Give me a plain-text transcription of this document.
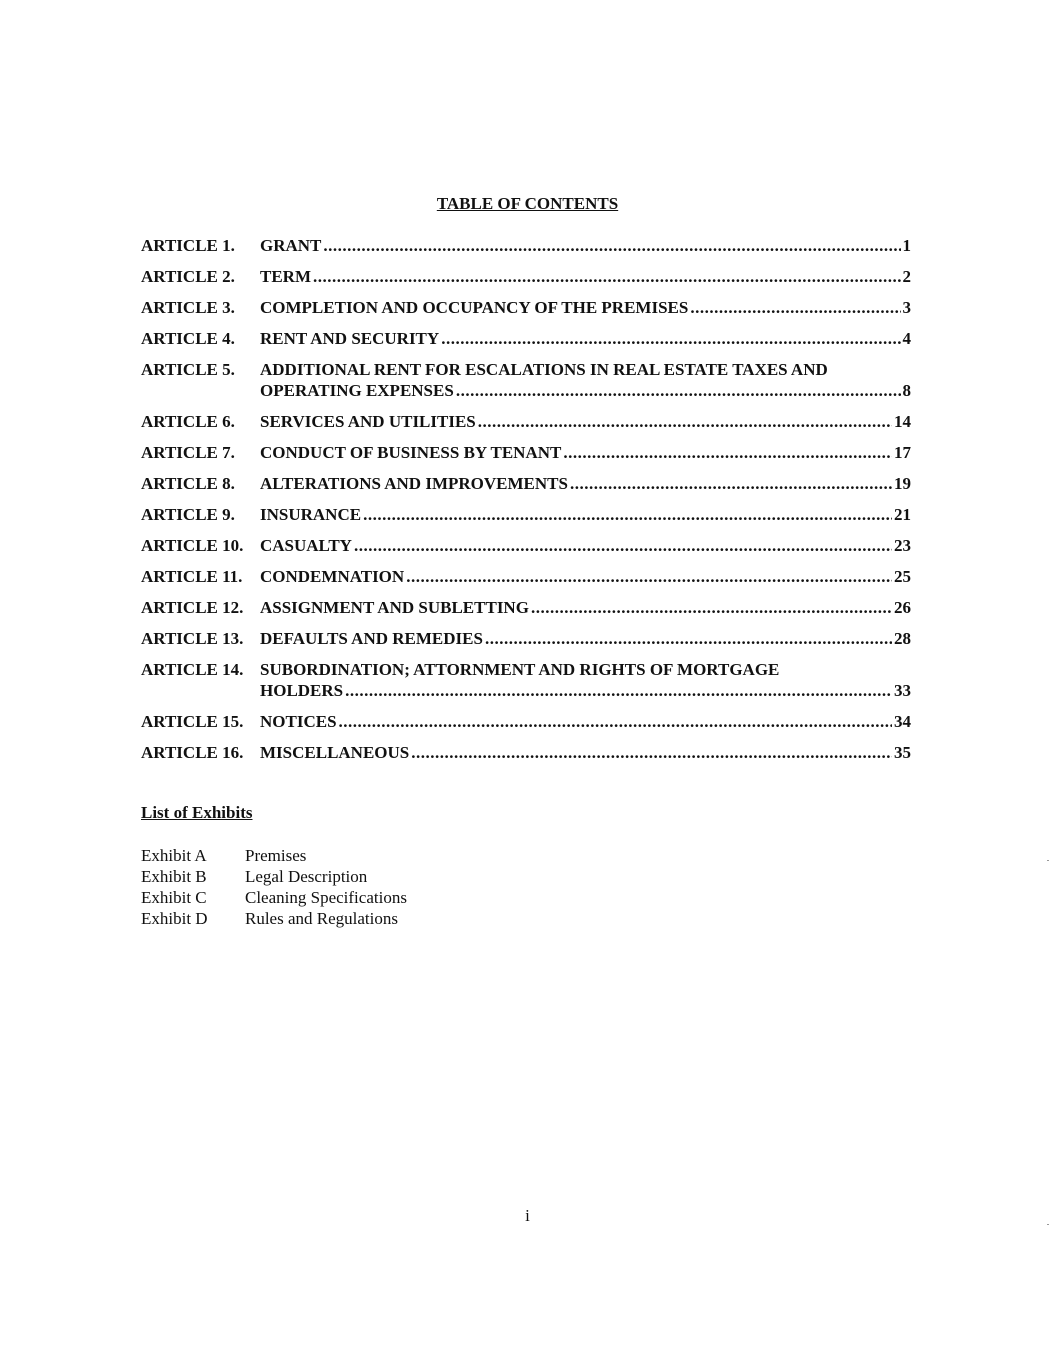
TABLE OF CONTENTS
ARTICLE 1.	GRANT .....	1
ARTICLE 2.	TERM .....	2
ARTICLE 3.	COMPLETION AND OCCUPANCY OF THE PREMISES .....	3
ARTICLE 4.	RENT AND SECURITY .....	4
ARTICLE 5.	ADDITIONAL RENT FOR ESCALATIONS IN REAL ESTATE TAXES AND
OPERATING EXPENSES .....	8
ARTICLE 6.	SERVICES AND UTILITIES .....	14
ARTICLE 7.	CONDUCT OF BUSINESS BY TENANT .....	17
ARTICLE 8.	ALTERATIONS AND IMPROVEMENTS .....	19
ARTICLE 9.	INSURANCE .....	21
ARTICLE 10. CASUALTY .....	23
ARTICLE 11.	CONDEMNATION .....	25
ARTICLE 12. ASSIGNMENT AND SUBLETTING .....	26
ARTICLE 13. DEFAULTS AND REMEDIES .....	28
ARTICLE 14. SUBORDINATION; ATTORNMENT AND RIGHTS OF MORTGAGE
HOLDERS .....	33
ARTICLE 15. NOTICES .....	34
ARTICLE 16. MISCELLANEOUS .....	35
List of Exhibits
Exhibit A	Premises
Exhibit B	Legal Description
Exhibit C	Cleaning Specifications
Exhibit D	Rules and Regulations
i
